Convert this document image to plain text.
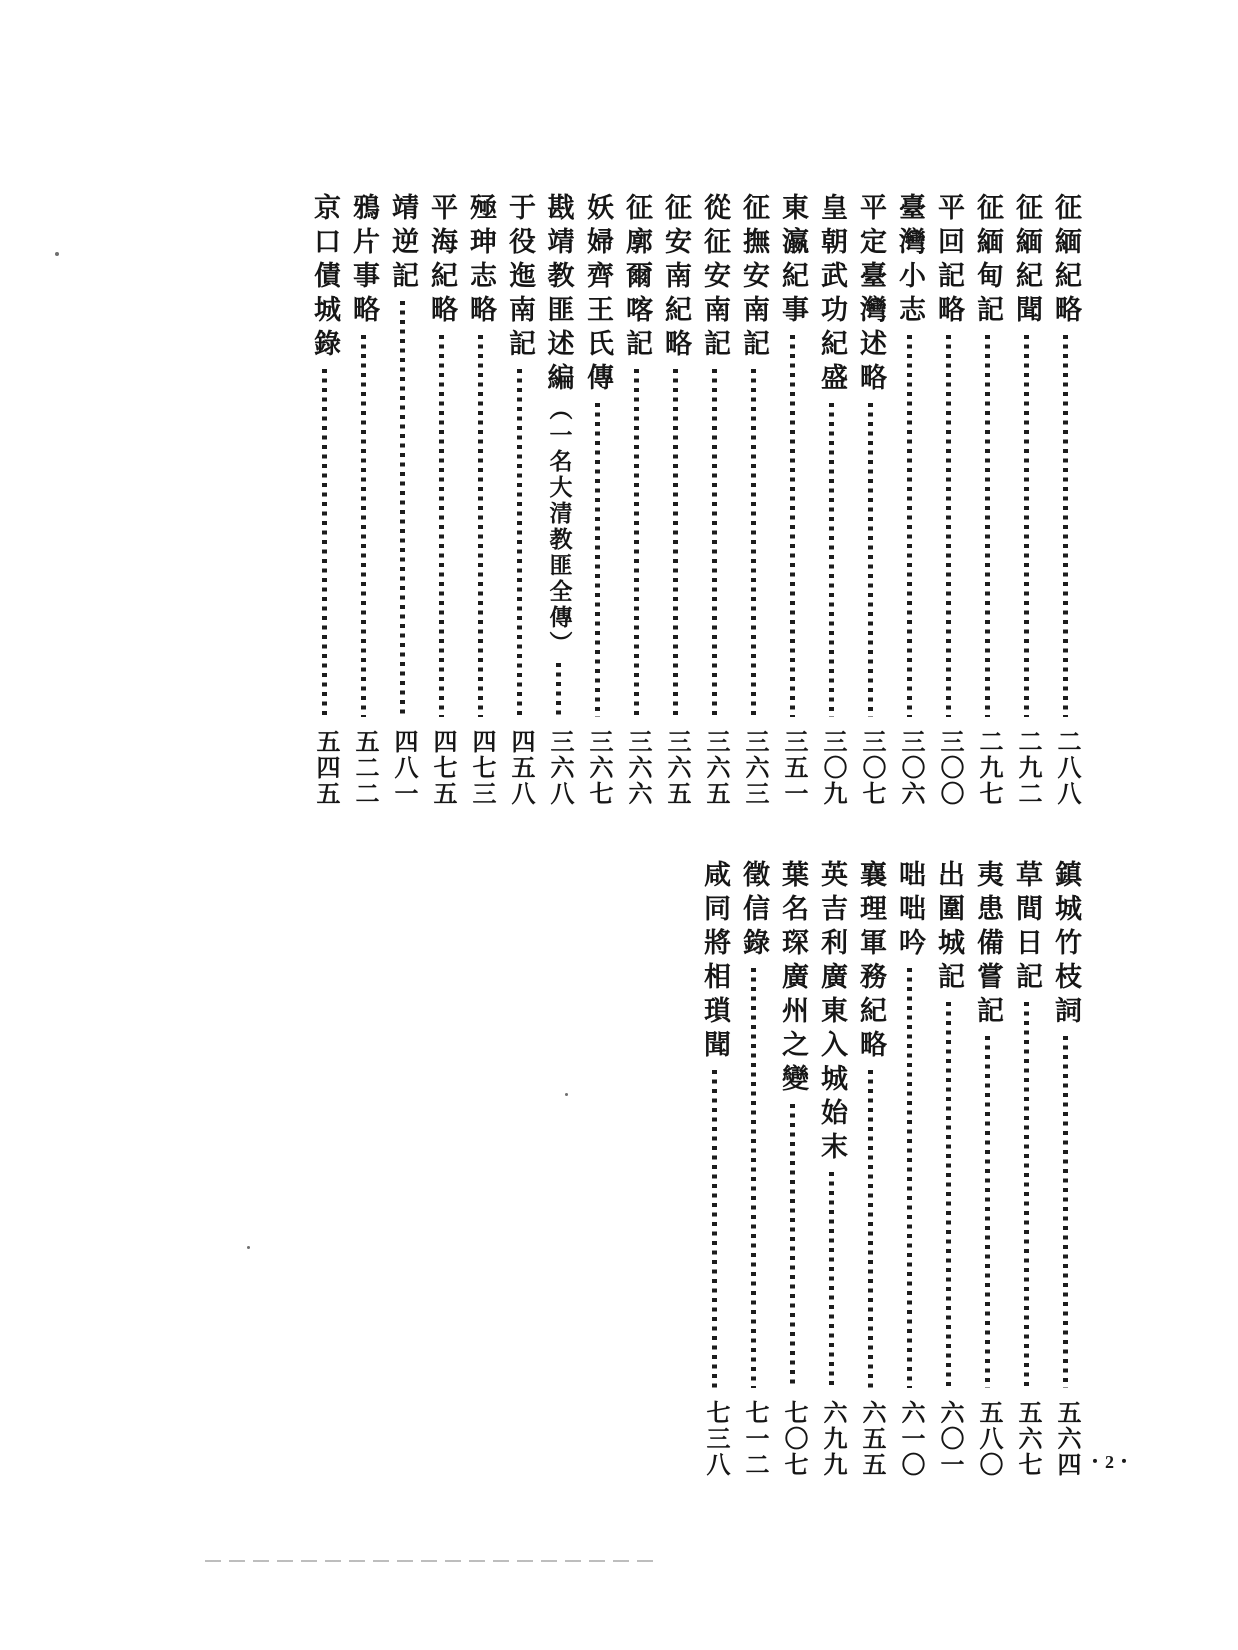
征緬紀略
二八八
征緬紀聞
二九二
征緬甸記
二九七
平回記略
三〇〇
臺灣小志
三〇六
平定臺灣述略
三〇七
皇朝武功紀盛
三〇九
東瀛紀事
三五一
征撫安南記
三六三
從征安南記
三六五
征安南紀略
三六五
征廓爾喀記
三六六
妖婦齊王氏傳
三六七
戡靖教匪述編（一名大清教匪全傳）
三六八
于役迤南記
四五八
殛珅志略
四七三
平海紀略
四七五
靖逆記
四八一
鴉片事略
五二二
京口債城錄
五四五
鎮城竹枝詞
五六四
草間日記
五六七
夷患備嘗記
五八〇
出圍城記
六〇一
咄咄吟
六一〇
襄理軍務紀略
六五五
英吉利廣東入城始末
六九九
葉名琛廣州之變
七〇七
徵信錄
七一二
咸同將相瑣聞
七三八	・2・
